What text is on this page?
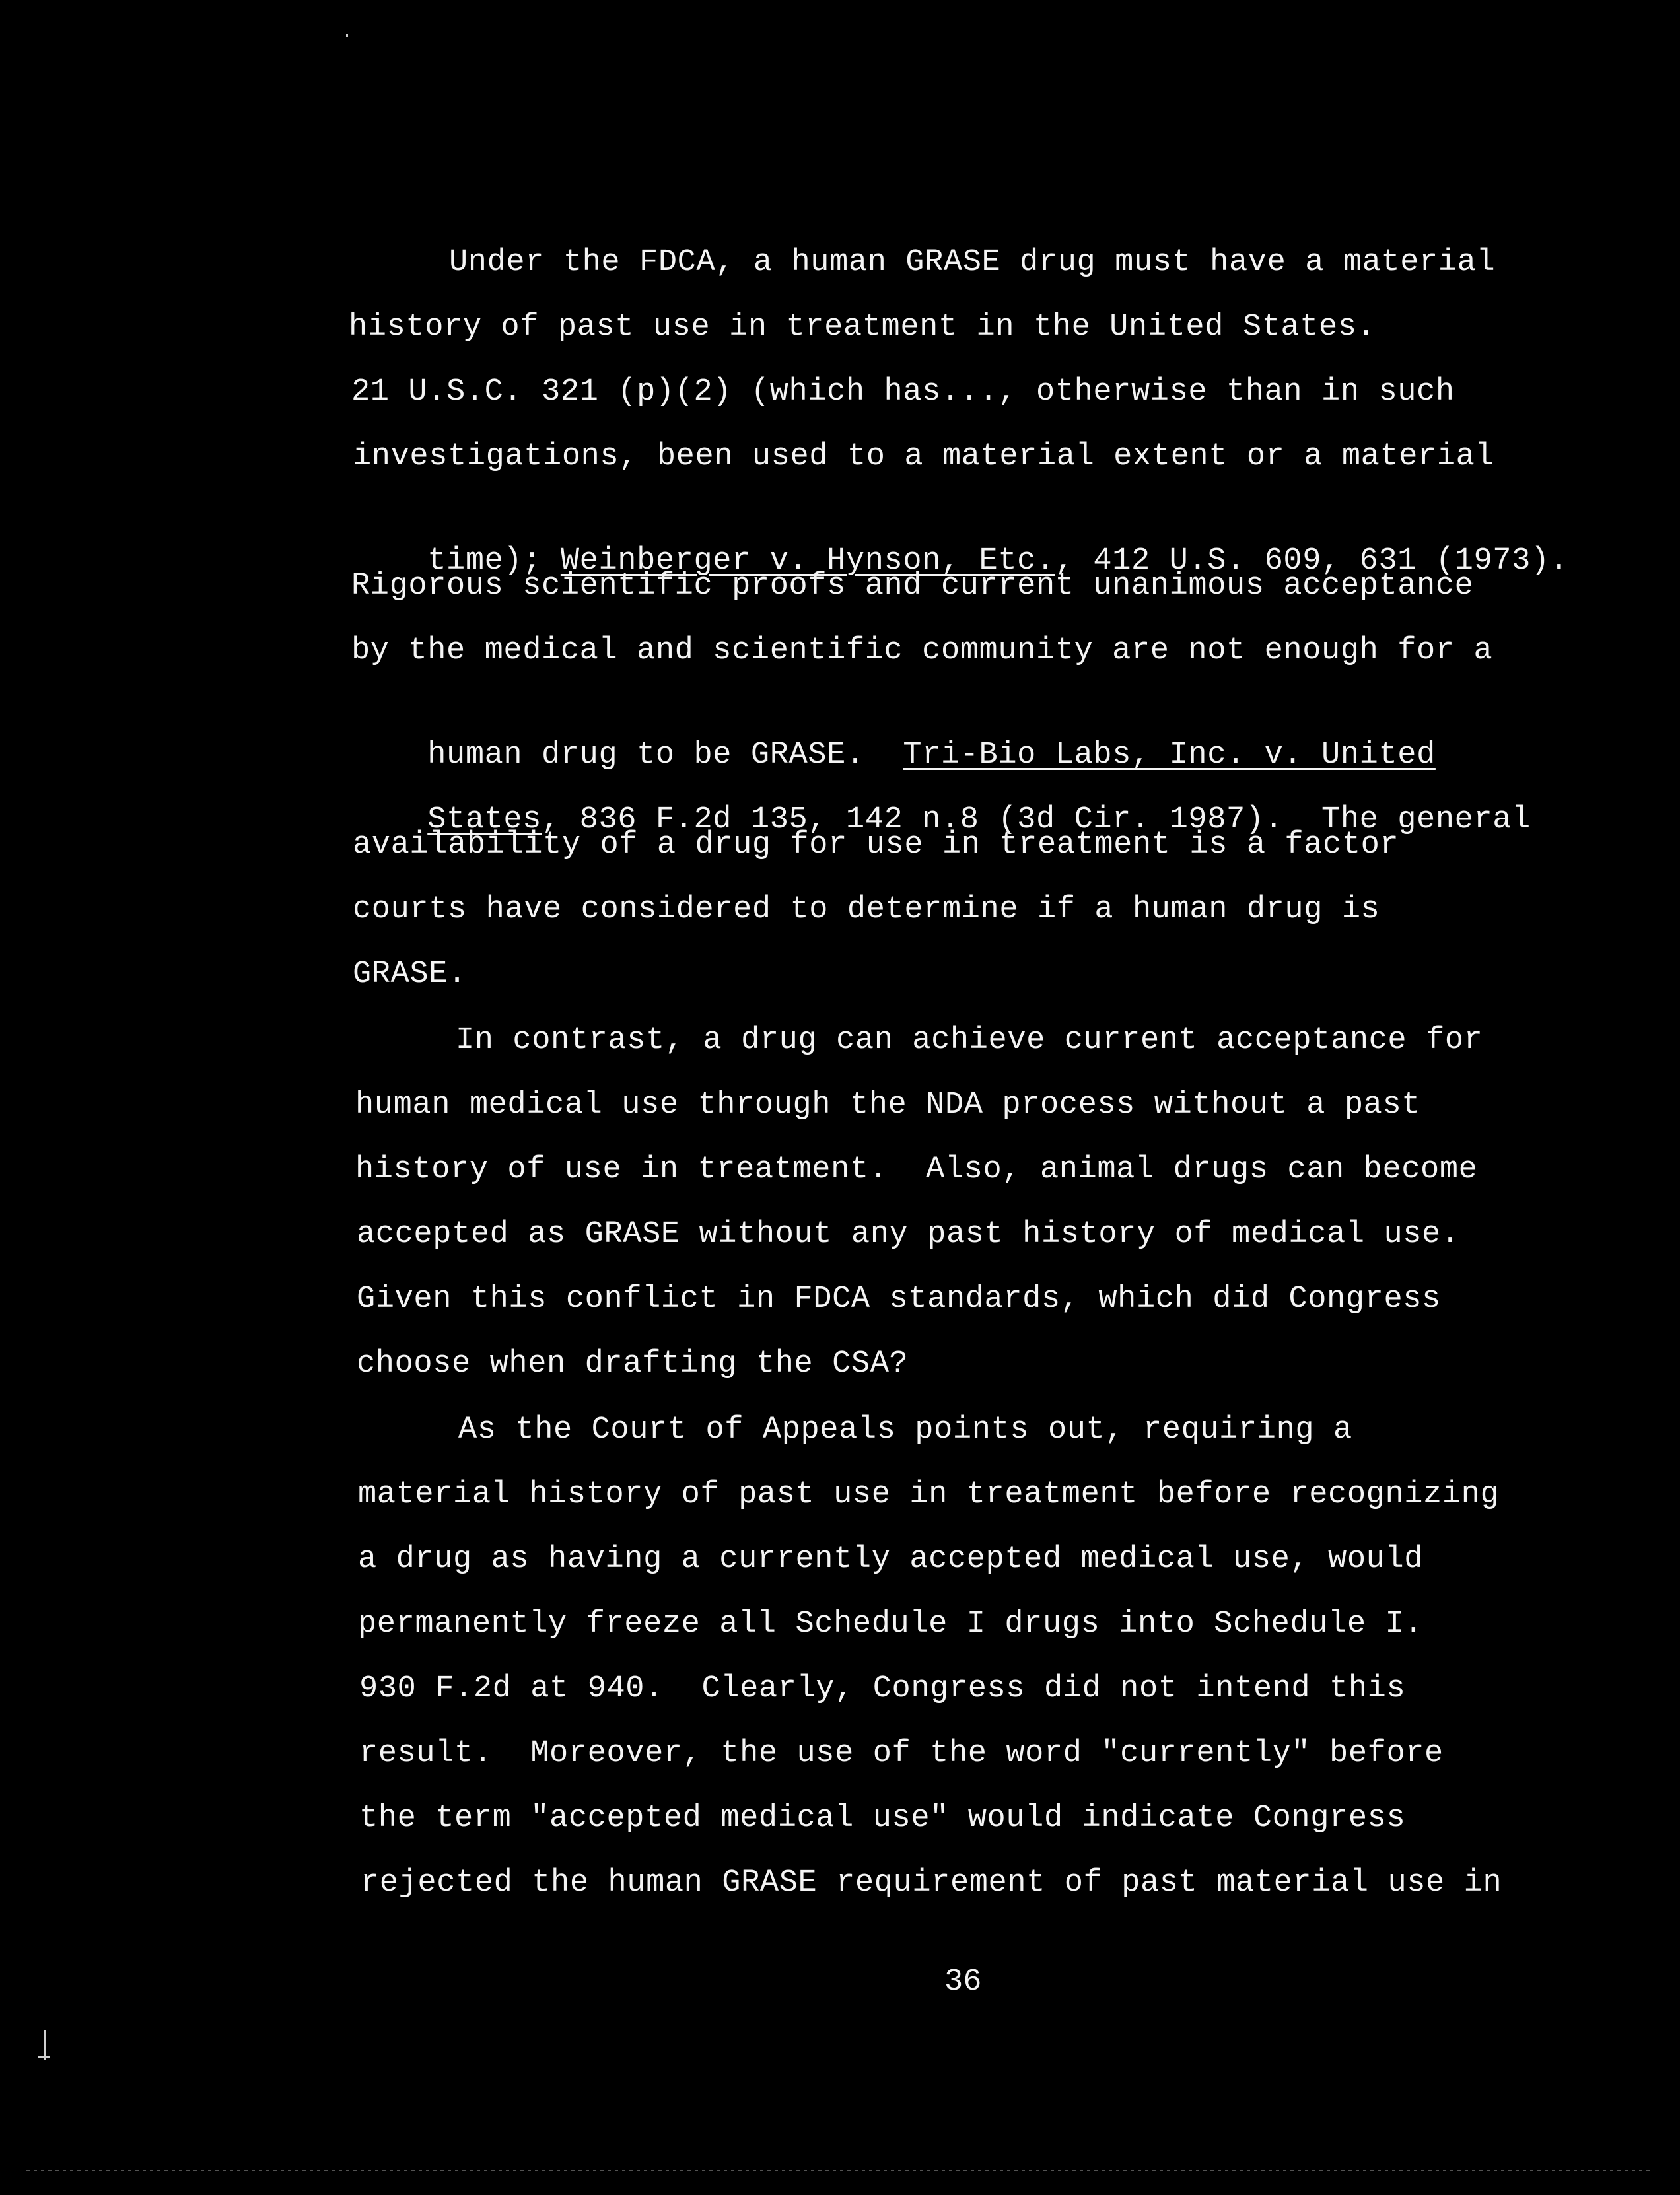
Under the FDCA, a human GRASE drug must have a material
history of past use in treatment in the United States.
21 U.S.C. 321 (p)(2) (which has..., otherwise than in such
investigations, been used to a material extent or a material

time); Weinberger v. Hynson, Etc., 412 U.S. 609, 631 (1973).

Rigorous scientific proofs and current unanimous acceptance
by the medical and scientific community are not enough for a

human drug to be GRASE.  Tri-Bio Labs, Inc. v. United

States, 836 F.2d 135, 142 n.8 (3d Cir. 1987).  The general

availability of a drug for use in treatment is a factor
courts have considered to determine if a human drug is
GRASE.
In contrast, a drug can achieve current acceptance for
human medical use through the NDA process without a past
history of use in treatment.  Also, animal drugs can become
accepted as GRASE without any past history of medical use.
Given this conflict in FDCA standards, which did Congress
choose when drafting the CSA?
As the Court of Appeals points out, requiring a
material history of past use in treatment before recognizing
a drug as having a currently accepted medical use, would
permanently freeze all Schedule I drugs into Schedule I.
930 F.2d at 940.  Clearly, Congress did not intend this
result.  Moreover, the use of the word "currently" before
the term "accepted medical use" would indicate Congress
rejected the human GRASE requirement of past material use in
36
